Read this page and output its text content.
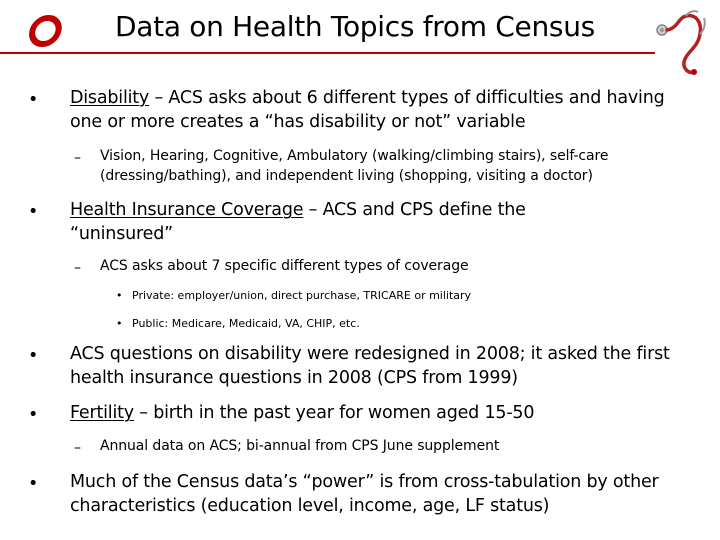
Data on Health Topics from Census
• Disability – ACS asks about 6 different types of difficulties and having one or more creates a “has disability or not” variable
– Vision, Hearing, Cognitive, Ambulatory (walking/climbing stairs), self-care (dressing/bathing), and independent living (shopping, visiting a doctor)
• Health Insurance Coverage – ACS and CPS define the “uninsured”
– ACS asks about 7 specific different types of coverage
• Private: employer/union, direct purchase, TRICARE or military
• Public: Medicare, Medicaid, VA, CHIP, etc.
• ACS questions on disability were redesigned in 2008; it asked the first health insurance questions in 2008 (CPS from 1999)
• Fertility – birth in the past year for women aged 15-50
– Annual data on ACS; bi-annual from CPS June supplement
• Much of the Census data’s “power” is from cross-tabulation by other characteristics (education level, income, age, LF status)
